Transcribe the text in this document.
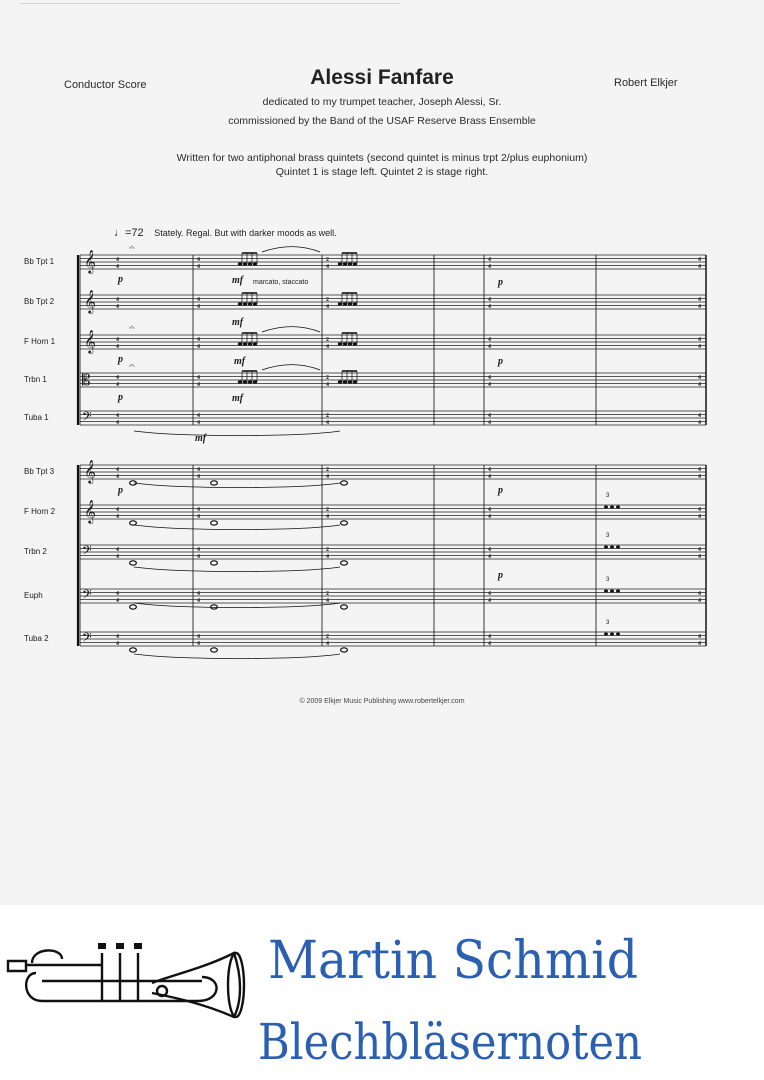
Conductor Score	Alessi Fanfare	Robert Elkjer
dedicated to my trumpet teacher, Joseph Alessi, Sr.
commissioned by the Band of the USAF Reserve Brass Ensemble
Written for two antiphonal brass quintets (second quintet is minus trpt 2/plus euphonium)
Quintet 1 is stage left. Quintet 2 is stage right.
♩=72 Stately. Regal. But with darker moods as well.
Bb Tpt 1 𝄞	4
4
Bb Tpt 2 𝄞	4
4
F Horn 1 𝄞	4
4
Trbn 1 𝄡	4
4
Tuba 1 𝄢	4
4
Bb Tpt 3 𝄞	4
4
F Horn 2 𝄞	4
4
Trbn 2 𝄢	4
4
Euph	𝄢	4
4
Tuba 2 𝄢	4
4
4
4
4
4
4
4
4
4
4
4
4
4
4
4
4
4
4
4
4
4
2
4
2
4
2
4
2
4
2
4
2
4
2
4
2
4
2
4
2
4
4
4
4
4
4
4
4
4
4
4
4
4
4
4
4
4
4
4
4
4
4
4
4
4
4
4
4
4
4
4
4
4
4
4
4
4
4
4
4
4
𝄐
𝄐
𝄐
p	mf
mf
p	mf
p	mf
mf
p
p
p	p
p
marcato, staccato
3
3
3
3
© 2009 Elkjer Music Publishing www.robertelkjer.com
Martin Schmid
Blechbläsernoten
